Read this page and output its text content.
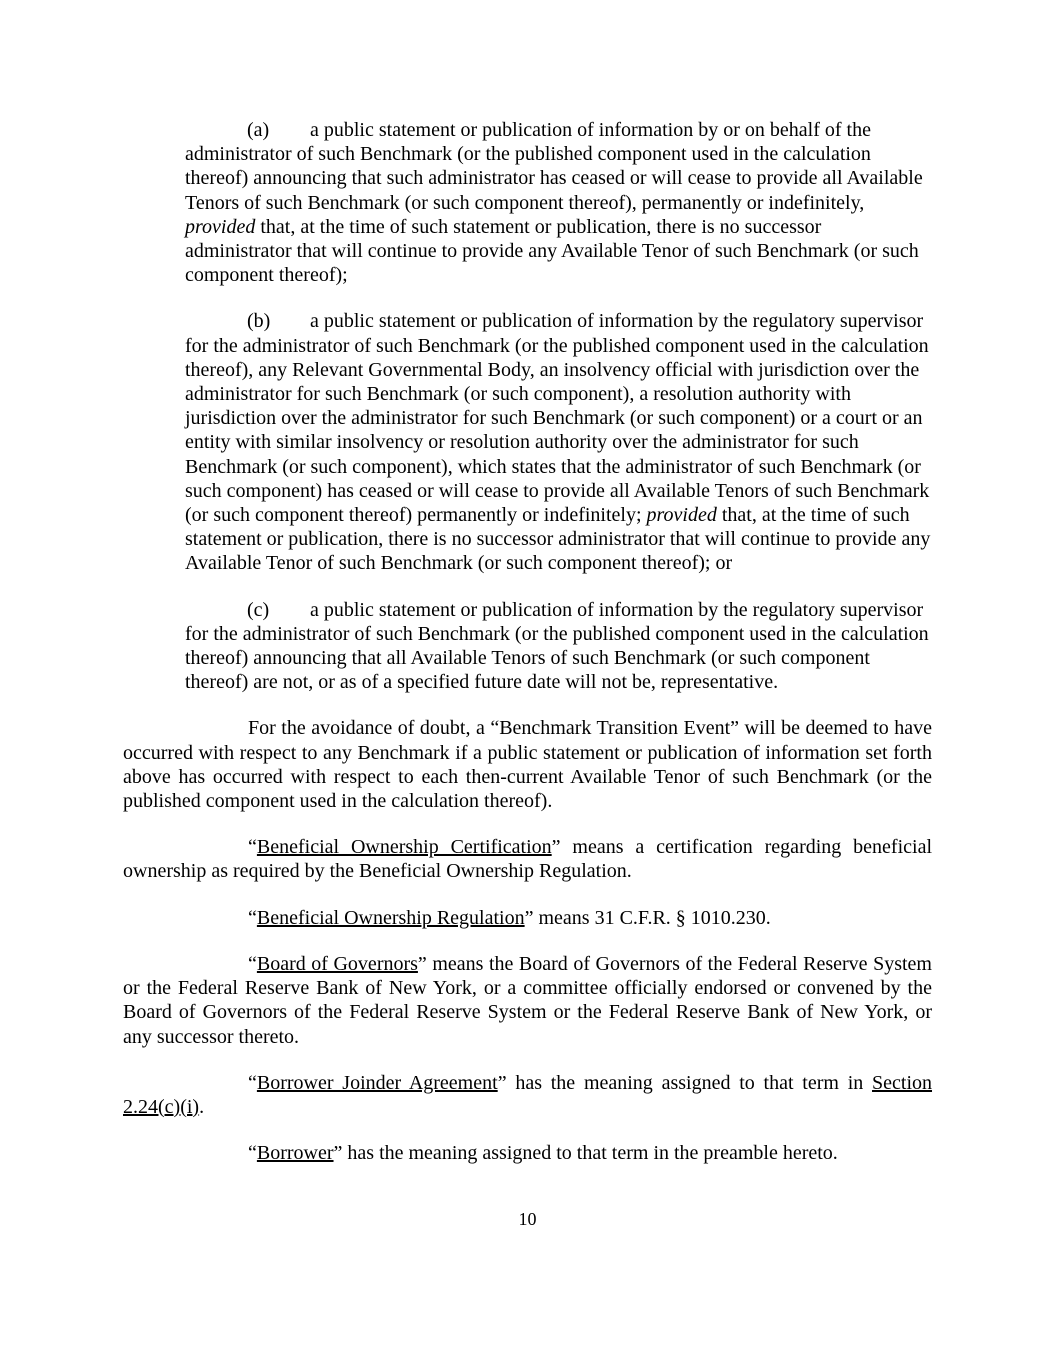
(a) a public statement or publication of information by or on behalf of the administrator of such Benchmark (or the published component used in the calculation thereof) announcing that such administrator has ceased or will cease to provide all Available Tenors of such Benchmark (or such component thereof), permanently or indefinitely, provided that, at the time of such statement or publication, there is no successor administrator that will continue to provide any Available Tenor of such Benchmark (or such component thereof);

(b) a public statement or publication of information by the regulatory supervisor for the administrator of such Benchmark (or the published component used in the calculation thereof), any Relevant Governmental Body, an insolvency official with jurisdiction over the administrator for such Benchmark (or such component), a resolution authority with jurisdiction over the administrator for such Benchmark (or such component) or a court or an entity with similar insolvency or resolution authority over the administrator for such Benchmark (or such component), which states that the administrator of such Benchmark (or such component) has ceased or will cease to provide all Available Tenors of such Benchmark (or such component thereof) permanently or indefinitely; provided that, at the time of such statement or publication, there is no successor administrator that will continue to provide any Available Tenor of such Benchmark (or such component thereof); or

(c) a public statement or publication of information by the regulatory supervisor for the administrator of such Benchmark (or the published component used in the calculation thereof) announcing that all Available Tenors of such Benchmark (or such component thereof) are not, or as of a specified future date will not be, representative.

For the avoidance of doubt, a “Benchmark Transition Event” will be deemed to have occurred with respect to any Benchmark if a public statement or publication of information set forth above has occurred with respect to each then-current Available Tenor of such Benchmark (or the published component used in the calculation thereof).

“Beneficial Ownership Certification” means a certification regarding beneficial ownership as required by the Beneficial Ownership Regulation.

“Beneficial Ownership Regulation” means 31 C.F.R. § 1010.230.

“Board of Governors” means the Board of Governors of the Federal Reserve System or the Federal Reserve Bank of New York, or a committee officially endorsed or convened by the Board of Governors of the Federal Reserve System or the Federal Reserve Bank of New York, or any successor thereto.

“Borrower Joinder Agreement” has the meaning assigned to that term in Section 2.24(c)(i).

“Borrower” has the meaning assigned to that term in the preamble hereto.

10
